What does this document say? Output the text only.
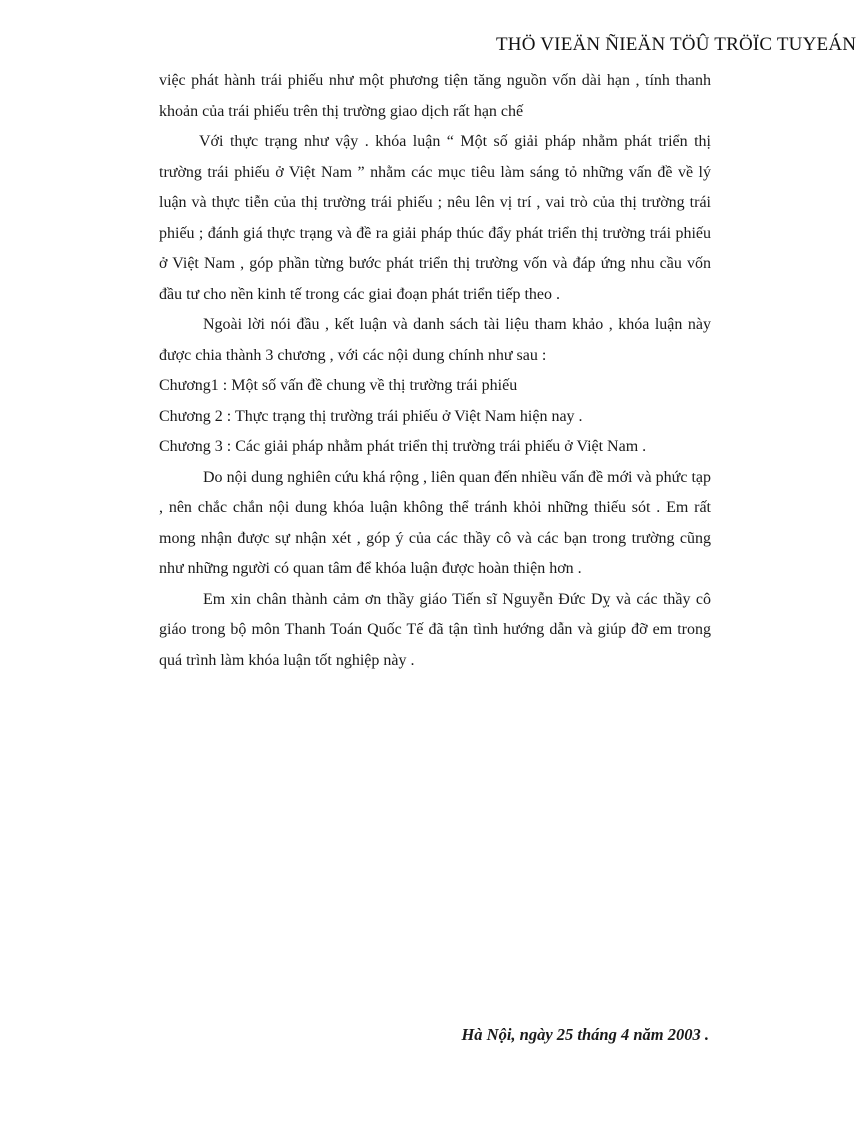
THÖ VIEÄN ÑIEÄN TÖÛ TRÖÏC TUYEÁN

việc phát hành trái phiếu như một phương tiện tăng nguồn vốn dài hạn , tính thanh khoản của trái phiếu trên thị trường giao dịch rất hạn chế

Với thực trạng như vậy . khóa luận “ Một số giải pháp nhằm phát triển thị trường trái phiếu ở Việt Nam ” nhằm các mục tiêu làm sáng tỏ những vấn đề về lý luận và thực tiễn của thị trường trái phiếu ; nêu lên vị trí , vai trò của thị trường trái phiếu ; đánh giá thực trạng và đề ra giải pháp thúc đẩy phát triển thị trường trái phiếu ở Việt Nam , góp phần từng bước phát triển thị trường vốn và đáp ứng nhu cầu vốn đầu tư cho nền kinh tế trong các giai đoạn phát triển tiếp theo .

Ngoài lời nói đầu , kết luận và danh sách tài liệu tham khảo , khóa luận này được chia thành 3 chương , với các nội dung chính như sau :

Chương1 : Một số vấn đề chung về thị trường trái phiếu

Chương 2 : Thực trạng thị trường trái phiếu ở Việt Nam hiện nay .

Chương 3 : Các giải pháp nhằm phát triển thị trường trái phiếu ở Việt Nam .

Do nội dung nghiên cứu khá rộng , liên quan đến nhiều vấn đề mới và phức tạp , nên chắc chắn nội dung khóa luận không thể tránh khỏi những thiếu sót . Em rất mong nhận được sự nhận xét , góp ý của các thầy cô và các bạn trong trường cũng như những người có quan tâm để khóa luận được hoàn thiện hơn .

Em xin chân thành cảm ơn thầy giáo Tiến sĩ Nguyễn Đức Dỵ và các thầy cô giáo trong bộ môn Thanh Toán Quốc Tế đã tận tình hướng dẫn và giúp đỡ em trong quá trình làm khóa luận tốt nghiệp này .

Hà Nội, ngày 25 tháng 4 năm 2003 .
